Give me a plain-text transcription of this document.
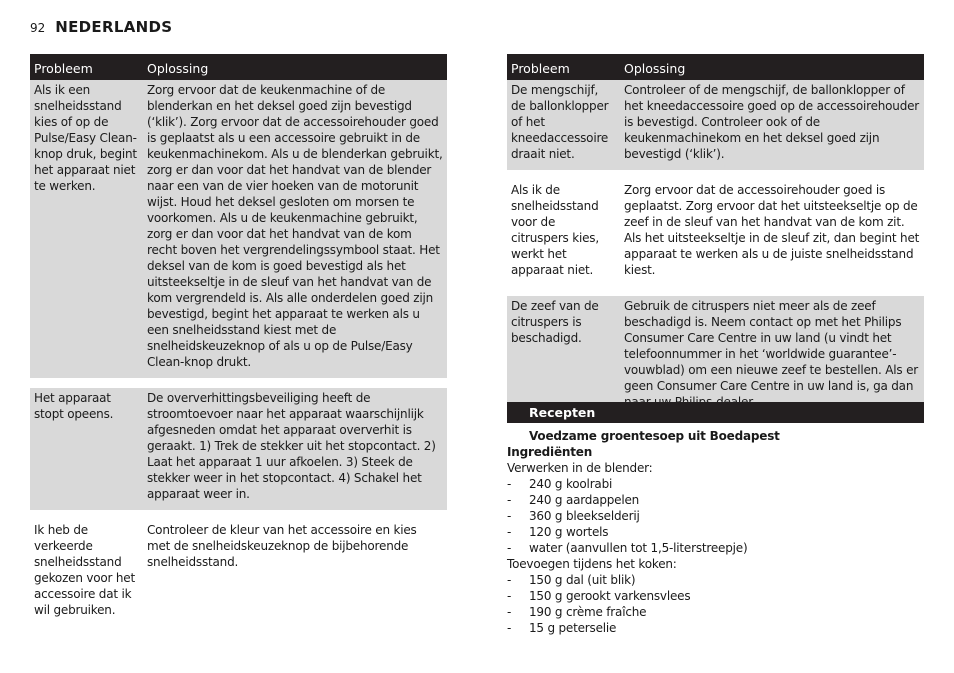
92 NEDERLANDS
Probleem	Oplossing
Als ik een snelheidsstand kies of op de Pulse/Easy Clean-knop druk, begint het apparaat niet te werken.	Zorg ervoor dat de keukenmachine of de blenderkan en het deksel goed zijn bevestigd (‘klik’). Zorg ervoor dat de accessoirehouder goed is geplaatst als u een accessoire gebruikt in de keukenmachinekom. Als u de blenderkan gebruikt, zorg er dan voor dat het handvat van de blender naar een van de vier hoeken van de motorunit wijst. Houd het deksel gesloten om morsen te voorkomen. Als u de keukenmachine gebruikt, zorg er dan voor dat het handvat van de kom recht boven het vergrendelingssymbool staat. Het deksel van de kom is goed bevestigd als het uitsteekseltje in de sleuf van het handvat van de kom vergrendeld is. Als alle onderdelen goed zijn bevestigd, begint het apparaat te werken als u een snelheidsstand kiest met de snelheidskeuzeknop of als u op de Pulse/Easy Clean-knop drukt.
Het apparaat stopt opeens.	De oververhittingsbeveiliging heeft de stroomtoevoer naar het apparaat waarschijnlijk afgesneden omdat het apparaat oververhit is geraakt. 1) Trek de stekker uit het stopcontact. 2) Laat het apparaat 1 uur afkoelen. 3) Steek de stekker weer in het stopcontact. 4) Schakel het apparaat weer in.
Ik heb de verkeerde snelheidsstand gekozen voor het accessoire dat ik wil gebruiken.	Controleer de kleur van het accessoire en kies met de snelheidskeuzeknop de bijbehorende snelheidsstand.
Probleem	Oplossing
De mengschijf, de ballonklopper of het kneedaccessoire draait niet.	Controleer of de mengschijf, de ballonklopper of het kneedaccessoire goed op de accessoirehouder is bevestigd. Controleer ook of de keukenmachinekom en het deksel goed zijn bevestigd (‘klik’).
Als ik de snelheidsstand voor de citruspers kies, werkt het apparaat niet.	Zorg ervoor dat de accessoirehouder goed is geplaatst. Zorg ervoor dat het uitsteekseltje op de zeef in de sleuf van het handvat van de kom zit. Als het uitsteekseltje in de sleuf zit, dan begint het apparaat te werken als u de juiste snelheidsstand kiest.
De zeef van de citruspers is beschadigd.	Gebruik de citruspers niet meer als de zeef beschadigd is. Neem contact op met het Philips Consumer Care Centre in uw land (u vindt het telefoonnummer in het ‘worldwide guarantee’-vouwblad) om een nieuwe zeef te bestellen. Als er geen Consumer Care Centre in uw land is, ga dan
Recepten
Voedzame groentesoep uit Boedapest
Ingrediënten
Verwerken in de blender:
- 240 g koolrabi
- 240 g aardappelen
- 360 g bleekselderij
- 120 g wortels
- water (aanvullen tot 1,5-literstreepje)
Toevoegen tijdens het koken:
- 150 g dal (uit blik)
- 150 g gerookt varkensvlees
- 190 g crème fraîche
- 15 g peterselie
